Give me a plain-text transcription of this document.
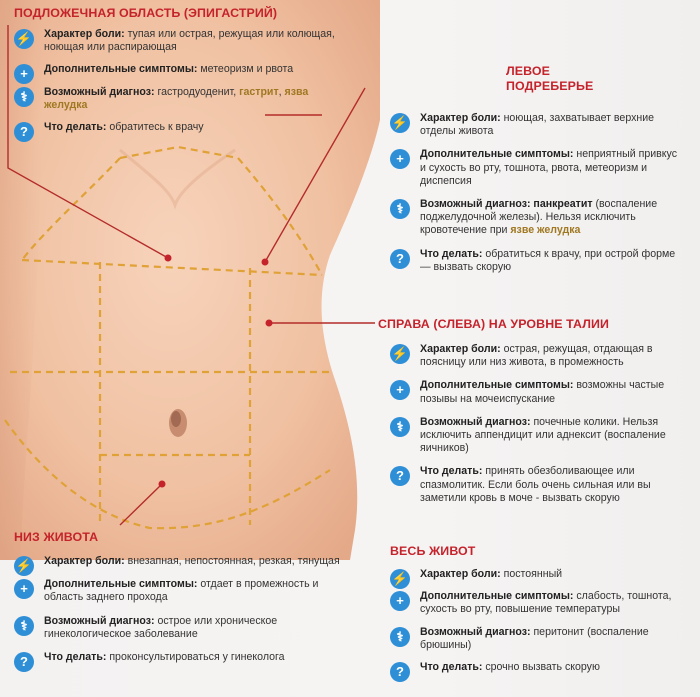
ПОДЛОЖЕЧНАЯ ОБЛАСТЬ (ЭПИГАСТРИЙ)
⚡ Характер боли: тупая или острая, режущая или колющая, ноющая или распирающая
+	Дополнительные симптомы: метеоризм и рвота
⚕	Возможный диагноз: гастродуоденит, гастрит, язва желудка
?	Что делать: обратитесь к врачу
ЛЕВОЕ
ПОДРЕБЕРЬЕ
⚡ Характер боли: ноющая, захватывает верхние отделы живота
+	Дополнительные симптомы: неприятный привкус и сухость во рту, тошнота, рвота, метеоризм и диспепсия
⚕	Возможный диагноз: панкреатит (воспаление поджелудочной железы). Нельзя исключить кровотечение при язве желудка
?	Что делать: обратиться к врачу, при острой форме — вызвать скорую
СПРАВА (СЛЕВА) НА УРОВНЕ ТАЛИИ
⚡ Характер боли: острая, режущая, отдающая в поясницу или низ живота, в промежность
+	Дополнительные симптомы: возможны частые позывы на мочеиспускание
⚕	Возможный диагноз: почечные колики. Нельзя исключить аппендицит или аднексит (воспаление яичников)
?	Что делать: принять обезболивающее или спазмолитик. Если боль очень сильная или вы заметили кровь в моче - вызвать скорую
НИЗ ЖИВОТА
⚡ Характер боли: внезапная, непостоянная, резкая, тянущая
+	Дополнительные симптомы: отдает в промежность и область заднего прохода
⚕	Возможный диагноз: острое или хроническое гинекологическое заболевание
?	Что делать: проконсультироваться у гинеколога
ВЕСЬ ЖИВОТ
⚡ Характер боли: постоянный
+	Дополнительные симптомы: слабость, тошнота, сухость во рту, повышение температуры
⚕	Возможный диагноз: перитонит (воспаление брюшины)
?	Что делать: срочно вызвать скорую
